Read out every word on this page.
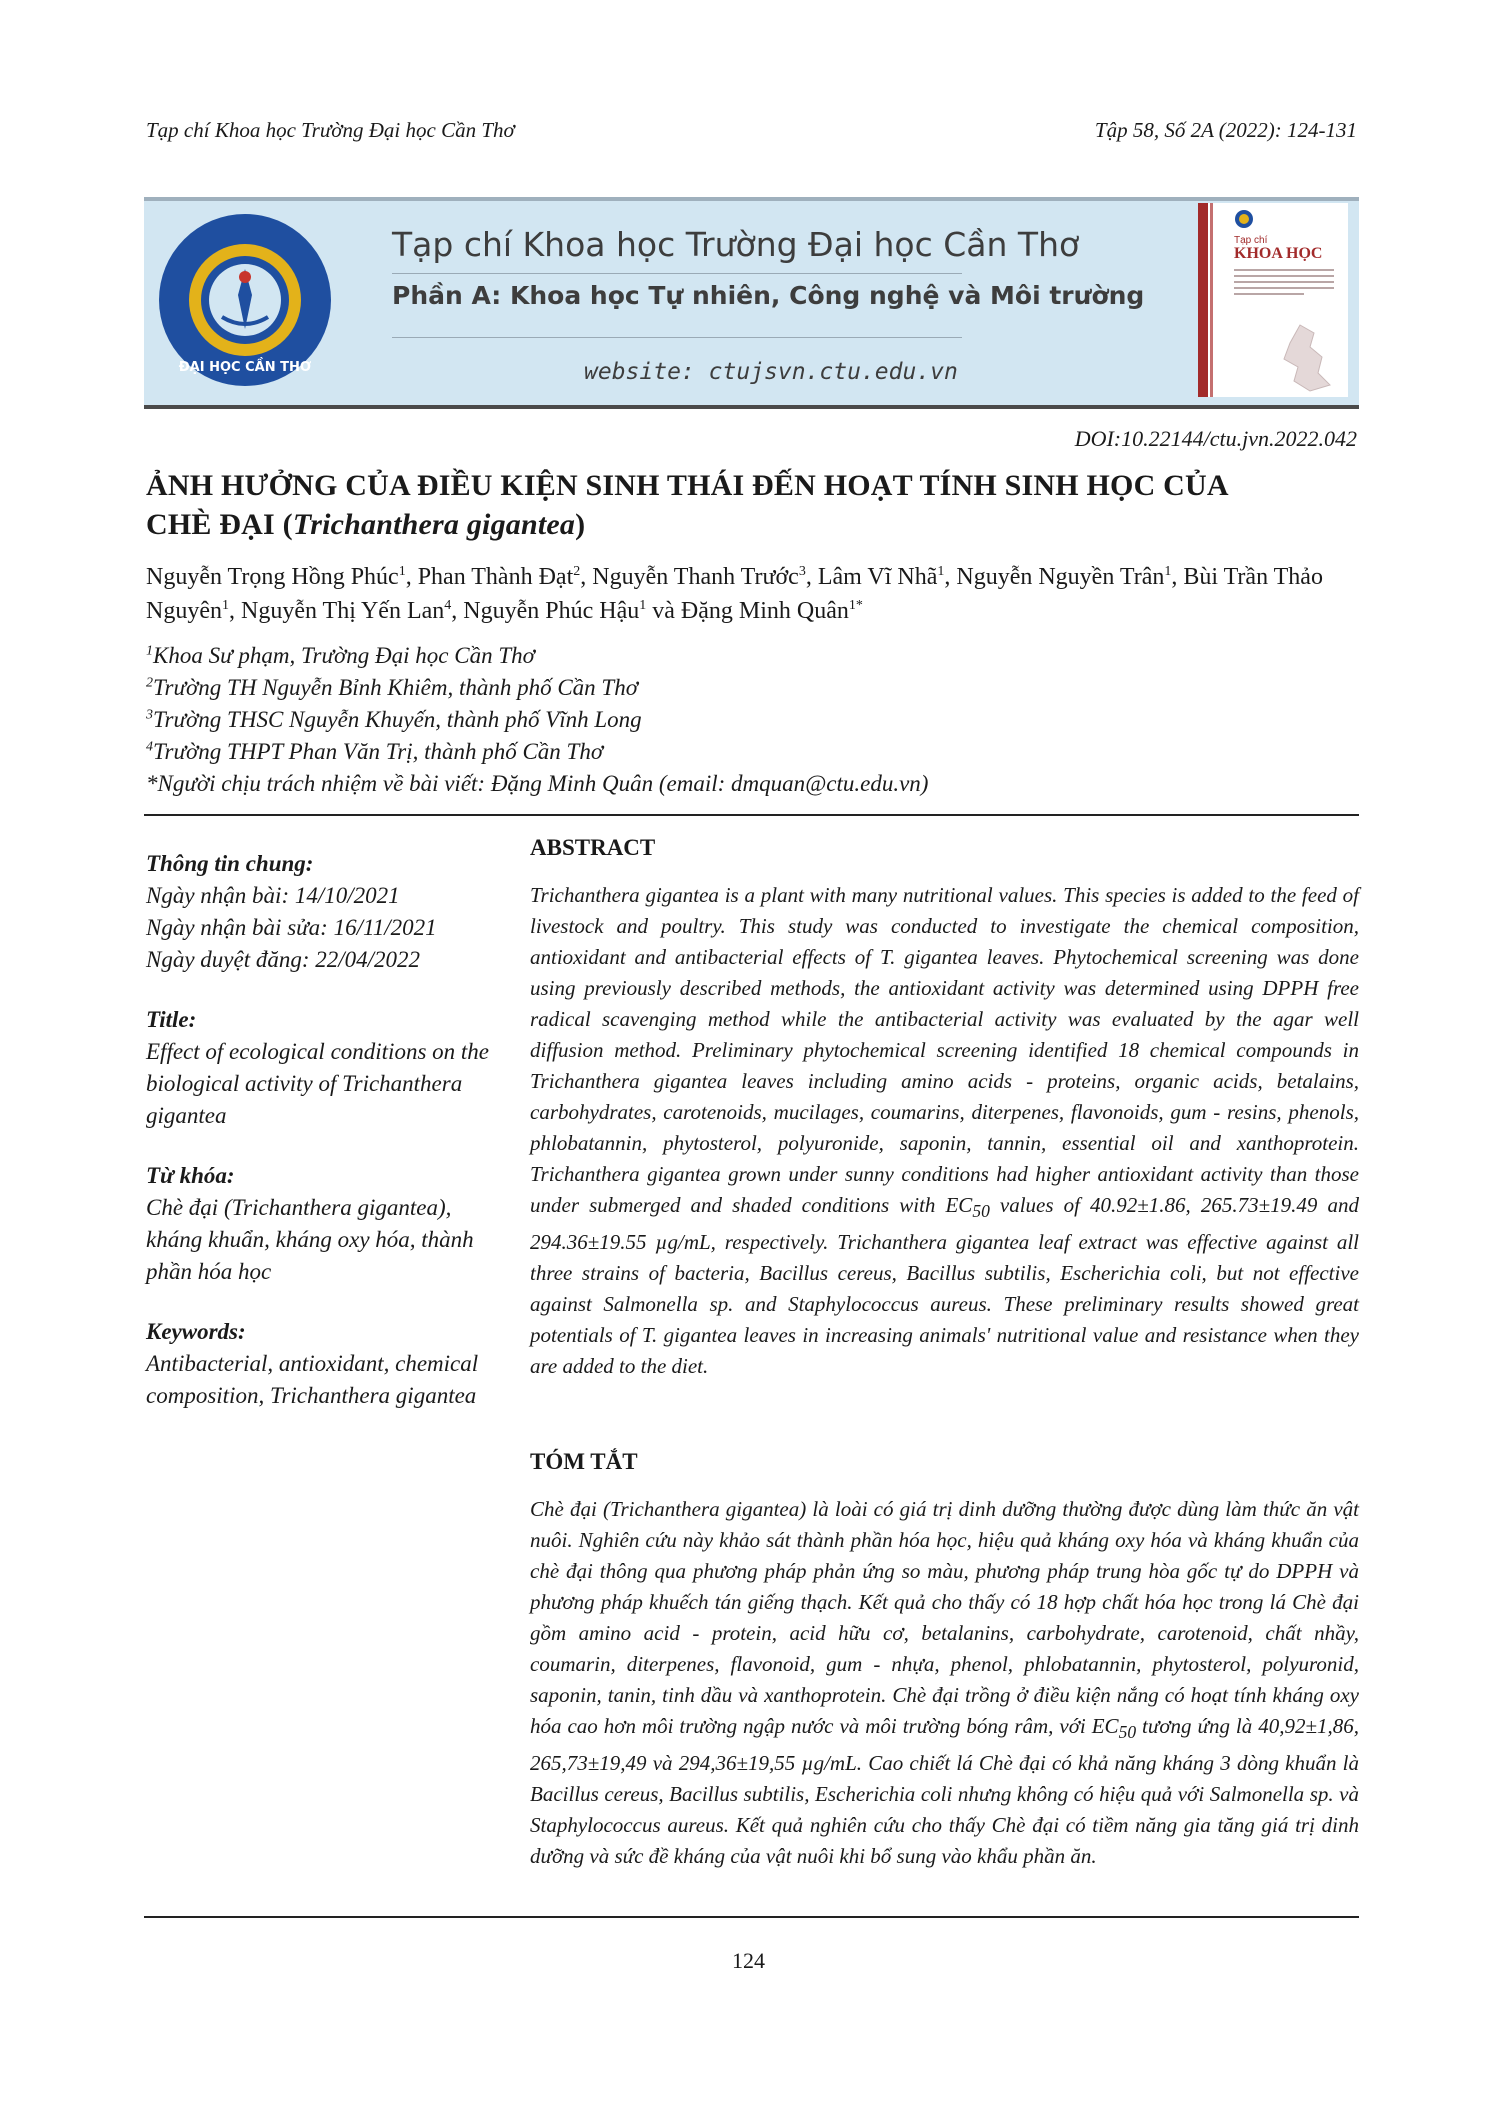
Tạp chí Khoa học Trường Đại học Cần Thơ	Tập 58, Số 2A (2022): 124-131
ĐẠI HỌC CẦN THƠ
Tạp chí Khoa học Trường Đại học Cần Thơ
Phần A: Khoa học Tự nhiên, Công nghệ và Môi trường
website: ctujsvn.ctu.edu.vn
Tạp chí
KHOA HỌC
DOI:10.22144/ctu.jvn.2022.042
ẢNH HƯỞNG CỦA ĐIỀU KIỆN SINH THÁI ĐẾN HOẠT TÍNH SINH HỌC CỦA
CHÈ ĐẠI (Trichanthera gigantea)
Nguyễn Trọng Hồng Phúc$^1$, Phan Thành Đạt$^2$, Nguyễn Thanh Trước$^3$, Lâm Vĩ Nhã$^1$, Nguyễn Nguyền Trân$^1$, Bùi Trần Thảo Nguyên$^1$, Nguyễn Thị Yến Lan$^4$, Nguyễn Phúc Hậu$^1$ và Đặng Minh Quân$^{1*}$
$^1$Khoa Sư phạm, Trường Đại học Cần Thơ
$^2$Trường TH Nguyễn Bỉnh Khiêm, thành phố Cần Thơ
$^3$Trường THSC Nguyễn Khuyến, thành phố Vĩnh Long
$^4$Trường THPT Phan Văn Trị, thành phố Cần Thơ
*Người chịu trách nhiệm về bài viết: Đặng Minh Quân (email: dmquan@ctu.edu.vn)
Thông tin chung:
Ngày nhận bài: 14/10/2021
Ngày nhận bài sửa: 16/11/2021
Ngày duyệt đăng: 22/04/2022
Title:
Effect of ecological conditions on the biological activity of Trichanthera gigantea
Từ khóa:
Chè đại (Trichanthera gigantea), kháng khuẩn, kháng oxy hóa, thành phần hóa học
Keywords:
Antibacterial, antioxidant, chemical composition, Trichanthera gigantea
ABSTRACT
Trichanthera gigantea is a plant with many nutritional values. This species is added to the feed of livestock and poultry. This study was conducted to investigate the chemical composition, antioxidant and antibacterial effects of T. gigantea leaves. Phytochemical screening was done using previously described methods, the antioxidant activity was determined using DPPH free radical scavenging method while the antibacterial activity was evaluated by the agar well diffusion method. Preliminary phytochemical screening identified 18 chemical compounds in Trichanthera gigantea leaves including amino acids - proteins, organic acids, betalains, carbohydrates, carotenoids, mucilages, coumarins, diterpenes, flavonoids, gum - resins, phenols, phlobatannin, phytosterol, polyuronide, saponin, tannin, essential oil and xanthoprotein. Trichanthera gigantea grown under sunny conditions had higher antioxidant activity than those under submerged and shaded conditions with $EC_{50}$ values of 40.92±1.86, 265.73±19.49 and 294.36±19.55 µg/mL, respectively. Trichanthera gigantea leaf extract was effective against all three strains of bacteria, Bacillus cereus, Bacillus subtilis, Escherichia coli, but not effective against Salmonella sp. and Staphylococcus aureus. These preliminary results showed great potentials of T. gigantea leaves in increasing animals' nutritional value and resistance when they are added to the diet.
TÓM TẮT
Chè đại (Trichanthera gigantea) là loài có giá trị dinh dưỡng thường được dùng làm thức ăn vật nuôi. Nghiên cứu này khảo sát thành phần hóa học, hiệu quả kháng oxy hóa và kháng khuẩn của chè đại thông qua phương pháp phản ứng so màu, phương pháp trung hòa gốc tự do DPPH và phương pháp khuếch tán giếng thạch. Kết quả cho thấy có 18 hợp chất hóa học trong lá Chè đại gồm amino acid - protein, acid hữu cơ, betalanins, carbohydrate, carotenoid, chất nhầy, coumarin, diterpenes, flavonoid, gum - nhựa, phenol, phlobatannin, phytosterol, polyuronid, saponin, tanin, tinh dầu và xanthoprotein. Chè đại trồng ở điều kiện nắng có hoạt tính kháng oxy hóa cao hơn môi trường ngập nước và môi trường bóng râm, với $EC_{50}$ tương ứng là 40,92±1,86, 265,73±19,49 và 294,36±19,55 µg/mL. Cao chiết lá Chè đại có khả năng kháng 3 dòng khuẩn là Bacillus cereus, Bacillus subtilis, Escherichia coli nhưng không có hiệu quả với Salmonella sp. và Staphylococcus aureus. Kết quả nghiên cứu cho thấy Chè đại có tiềm năng gia tăng giá trị dinh dưỡng và sức đề kháng của vật nuôi khi bổ sung vào khẩu phần ăn.
124
